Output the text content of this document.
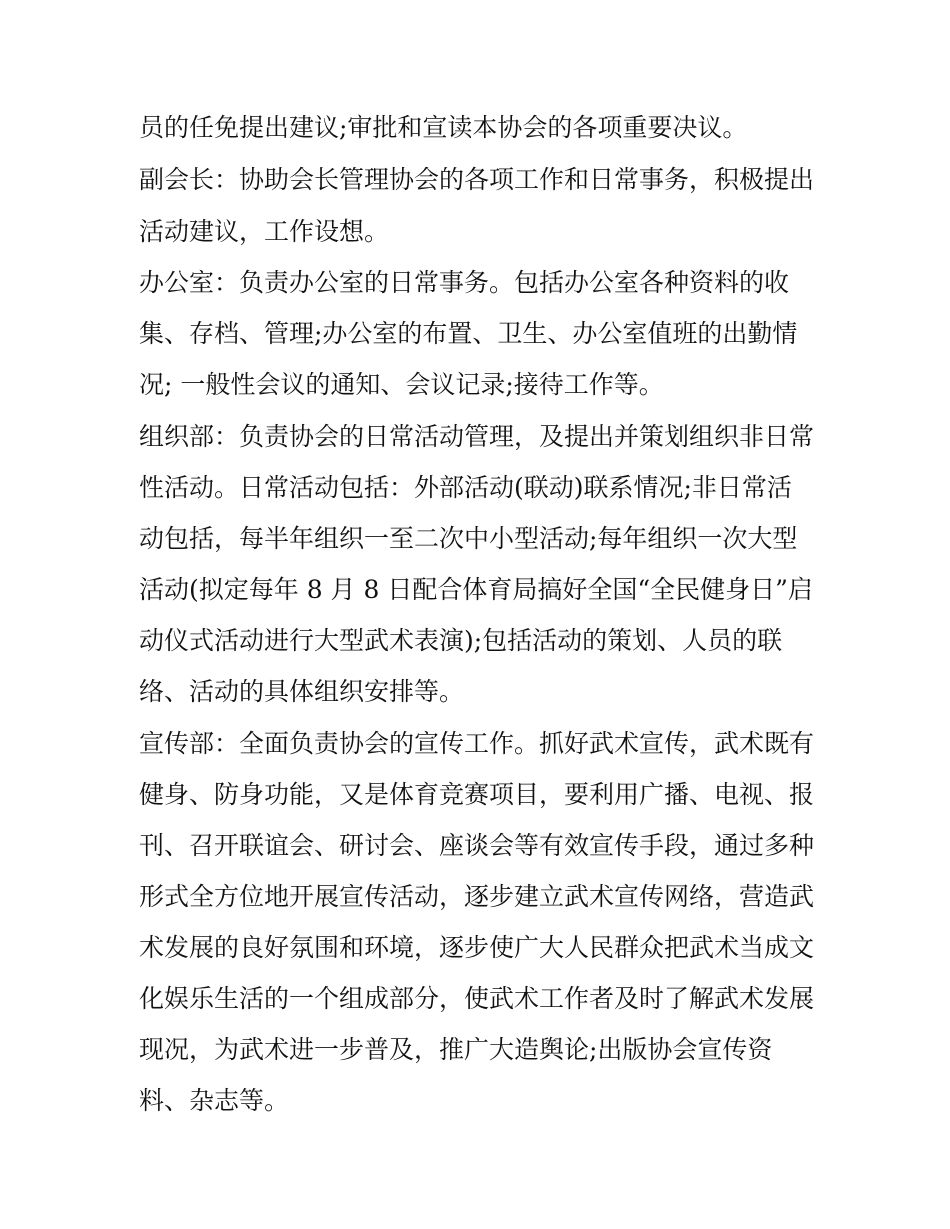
员的任免提出建议;审批和宣读本协会的各项重要决议。

副会长：协助会长管理协会的各项工作和日常事务，积极提出

活动建议，工作设想。

办公室：负责办公室的日常事务。包括办公室各种资料的收

集、存档、管理;办公室的布置、卫生、办公室值班的出勤情

况; 一般性会议的通知、会议记录;接待工作等。

组织部：负责协会的日常活动管理，及提出并策划组织非日常

性活动。日常活动包括：外部活动(联动)联系情况;非日常活

动包括，每半年组织一至二次中小型活动;每年组织一次大型

活动(拟定每年 8 月 8 日配合体育局搞好全国“全民健身日”启

动仪式活动进行大型武术表演);包括活动的策划、人员的联

络、活动的具体组织安排等。

宣传部：全面负责协会的宣传工作。抓好武术宣传，武术既有

健身、防身功能，又是体育竞赛项目，要利用广播、电视、报

刊、召开联谊会、研讨会、座谈会等有效宣传手段，通过多种

形式全方位地开展宣传活动，逐步建立武术宣传网络，营造武

术发展的良好氛围和环境，逐步使广大人民群众把武术当成文

化娱乐生活的一个组成部分，使武术工作者及时了解武术发展

现况，为武术进一步普及，推广大造舆论;出版协会宣传资

料、杂志等。
